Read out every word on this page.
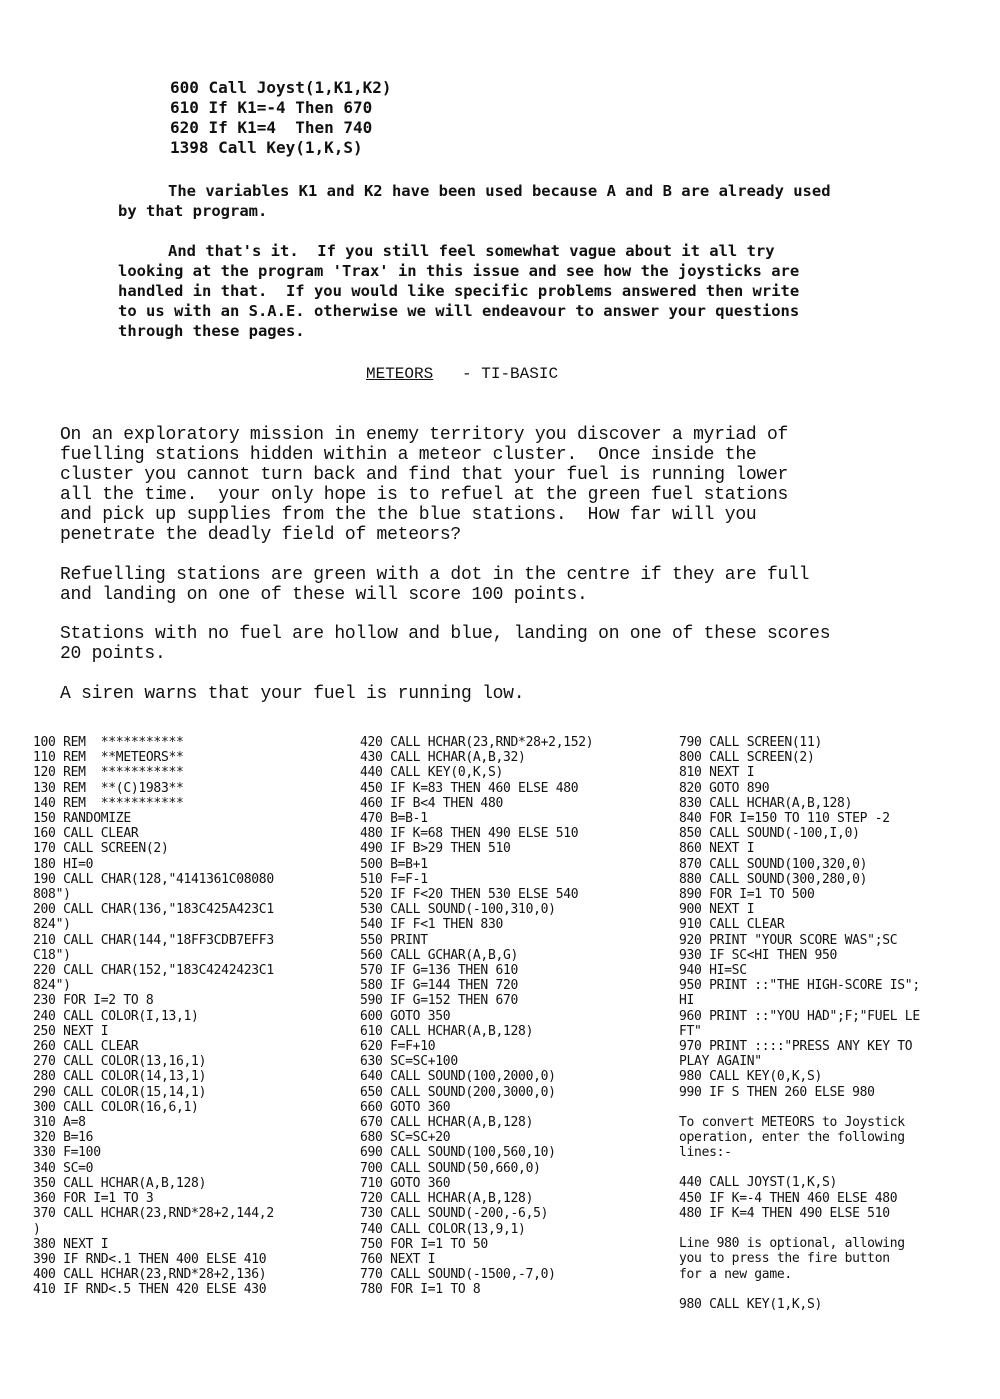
600 Call Joyst(1,K1,K2)
610 If K1=-4 Then 670
620 If K1=4  Then 740
1398 Call Key(1,K,S)
The variables K1 and K2 have been used because A and B are already used
by that program.
And that's it.  If you still feel somewhat vague about it all try
looking at the program 'Trax' in this issue and see how the joysticks are
handled in that.  If you would like specific problems answered then write
to us with an S.A.E. otherwise we will endeavour to answer your questions
through these pages.
METEORS - TI-BASIC
On an exploratory mission in enemy territory you discover a myriad of
fuelling stations hidden within a meteor cluster.  Once inside the
cluster you cannot turn back and find that your fuel is running lower
all the time.  your only hope is to refuel at the green fuel stations
and pick up supplies from the the blue stations.  How far will you
penetrate the deadly field of meteors?
Refuelling stations are green with a dot in the centre if they are full
and landing on one of these will score 100 points.
Stations with no fuel are hollow and blue, landing on one of these scores
20 points.
A siren warns that your fuel is running low.
100 REM  ***********
110 REM  **METEORS**
120 REM  ***********
130 REM  **(C)1983**
140 REM  ***********
150 RANDOMIZE
160 CALL CLEAR
170 CALL SCREEN(2)
180 HI=0
190 CALL CHAR(128,"4141361C08080
808")
200 CALL CHAR(136,"183C425A423C1
824")
210 CALL CHAR(144,"18FF3CDB7EFF3
C18")
220 CALL CHAR(152,"183C4242423C1
824")
230 FOR I=2 TO 8
240 CALL COLOR(I,13,1)
250 NEXT I
260 CALL CLEAR
270 CALL COLOR(13,16,1)
280 CALL COLOR(14,13,1)
290 CALL COLOR(15,14,1)
300 CALL COLOR(16,6,1)
310 A=8
320 B=16
330 F=100
340 SC=0
350 CALL HCHAR(A,B,128)
360 FOR I=1 TO 3
370 CALL HCHAR(23,RND*28+2,144,2
)
380 NEXT I
390 IF RND<.1 THEN 400 ELSE 410
400 CALL HCHAR(23,RND*28+2,136)
410 IF RND<.5 THEN 420 ELSE 430
420 CALL HCHAR(23,RND*28+2,152)
430 CALL HCHAR(A,B,32)
440 CALL KEY(0,K,S)
450 IF K=83 THEN 460 ELSE 480
460 IF B<4 THEN 480
470 B=B-1
480 IF K=68 THEN 490 ELSE 510
490 IF B>29 THEN 510
500 B=B+1
510 F=F-1
520 IF F<20 THEN 530 ELSE 540
530 CALL SOUND(-100,310,0)
540 IF F<1 THEN 830
550 PRINT
560 CALL GCHAR(A,B,G)
570 IF G=136 THEN 610
580 IF G=144 THEN 720
590 IF G=152 THEN 670
600 GOTO 350
610 CALL HCHAR(A,B,128)
620 F=F+10
630 SC=SC+100
640 CALL SOUND(100,2000,0)
650 CALL SOUND(200,3000,0)
660 GOTO 360
670 CALL HCHAR(A,B,128)
680 SC=SC+20
690 CALL SOUND(100,560,10)
700 CALL SOUND(50,660,0)
710 GOTO 360
720 CALL HCHAR(A,B,128)
730 CALL SOUND(-200,-6,5)
740 CALL COLOR(13,9,1)
750 FOR I=1 TO 50
760 NEXT I
770 CALL SOUND(-1500,-7,0)
780 FOR I=1 TO 8
790 CALL SCREEN(11)
800 CALL SCREEN(2)
810 NEXT I
820 GOTO 890
830 CALL HCHAR(A,B,128)
840 FOR I=150 TO 110 STEP -2
850 CALL SOUND(-100,I,0)
860 NEXT I
870 CALL SOUND(100,320,0)
880 CALL SOUND(300,280,0)
890 FOR I=1 TO 500
900 NEXT I
910 CALL CLEAR
920 PRINT "YOUR SCORE WAS";SC
930 IF SC<HI THEN 950
940 HI=SC
950 PRINT ::"THE HIGH-SCORE IS";
HI
960 PRINT ::"YOU HAD";F;"FUEL LE
FT"
970 PRINT ::::"PRESS ANY KEY TO
PLAY AGAIN"
980 CALL KEY(0,K,S)
990 IF S THEN 260 ELSE 980
To convert METEORS to Joystick
operation, enter the following
lines:-
440 CALL JOYST(1,K,S)
450 IF K=-4 THEN 460 ELSE 480
480 IF K=4 THEN 490 ELSE 510
Line 980 is optional, allowing
you to press the fire button
for a new game.
980 CALL KEY(1,K,S)
